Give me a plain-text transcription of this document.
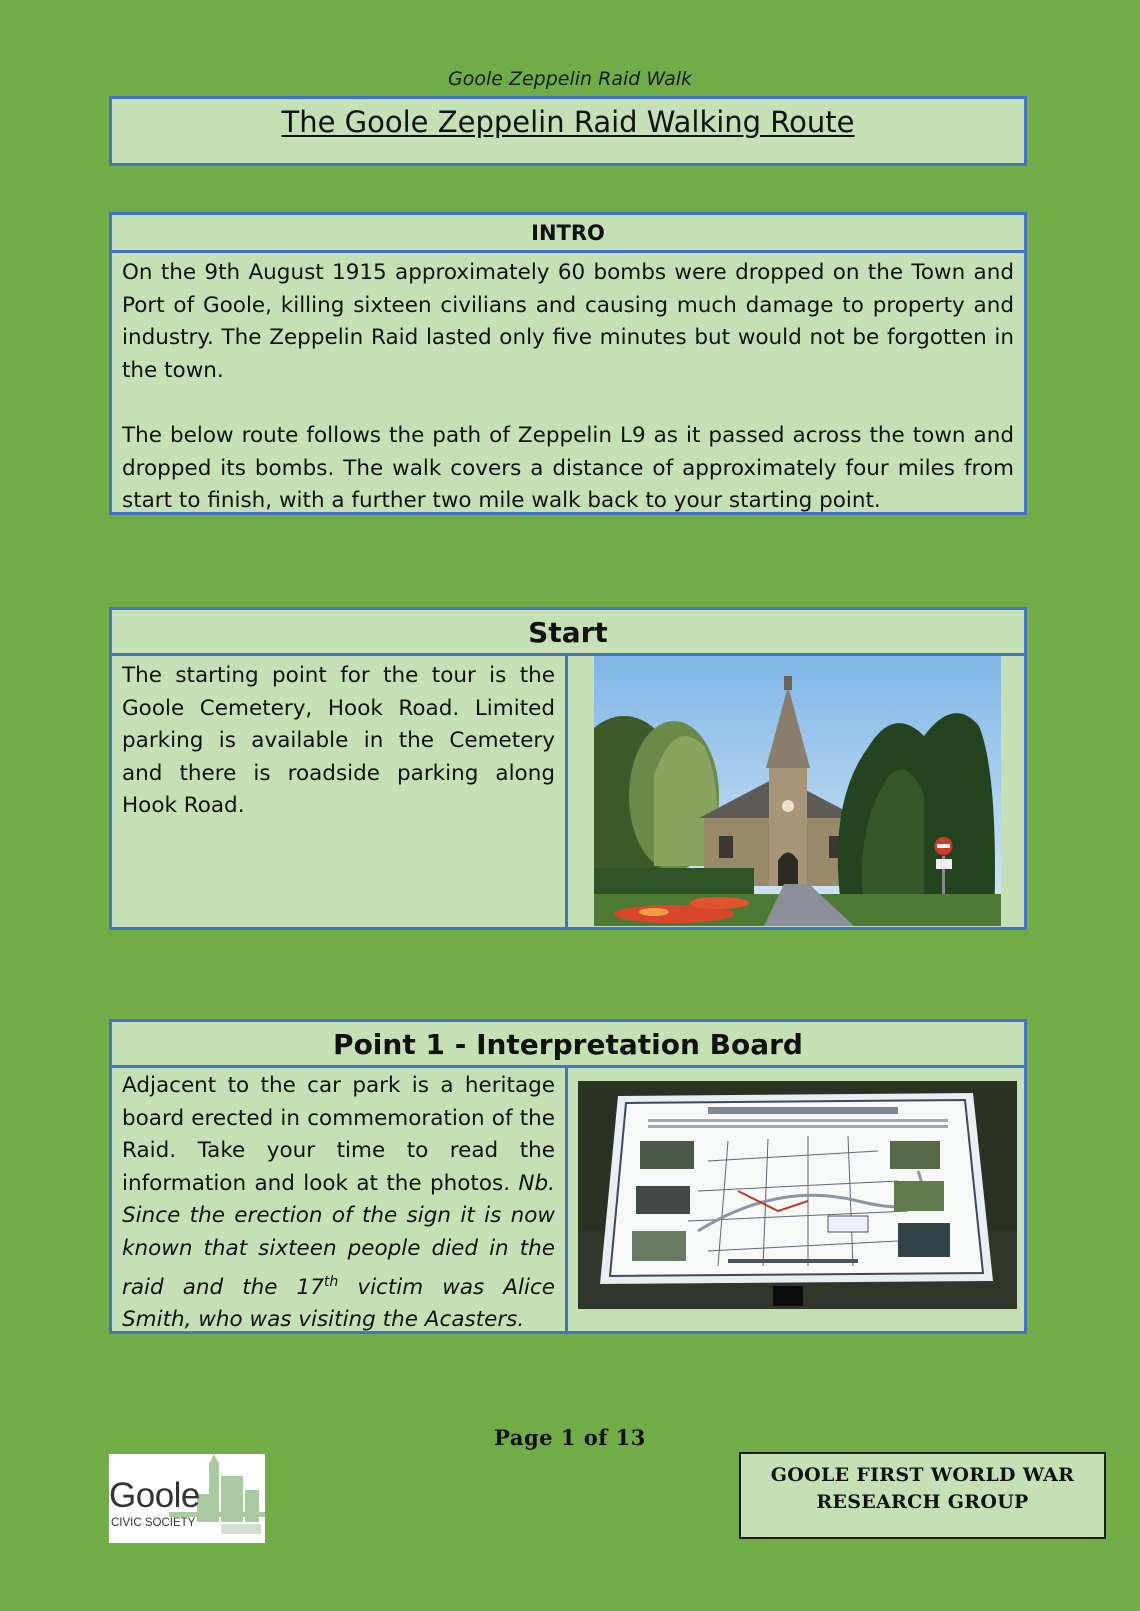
Goole Zeppelin Raid Walk
The Goole Zeppelin Raid Walking Route
INTRO

On the 9th August 1915 approximately 60 bombs were dropped on the Town and Port of Goole, killing sixteen civilians and causing much damage to property and industry. The Zeppelin Raid lasted only five minutes but would not be forgotten in the town.

The below route follows the path of Zeppelin L9 as it passed across the town and dropped its bombs. The walk covers a distance of approximately four miles from start to finish, with a further two mile walk back to your starting point.

Start
The starting point for the tour is the Goole Cemetery, Hook Road. Limited parking is available in the Cemetery and there is roadside parking along Hook Road.
Point 1 - Interpretation Board
Adjacent to the car park is a heritage board erected in commemoration of the Raid. Take your time to read the information and look at the photos. Nb. Since the erection of the sign it is now known that sixteen people died in the raid and the 17th victim was Alice Smith, who was visiting the Acasters.
Page 1 of 13
Goole
CIVIC SOCIETY
GOOLE FIRST WORLD WAR
RESEARCH GROUP
